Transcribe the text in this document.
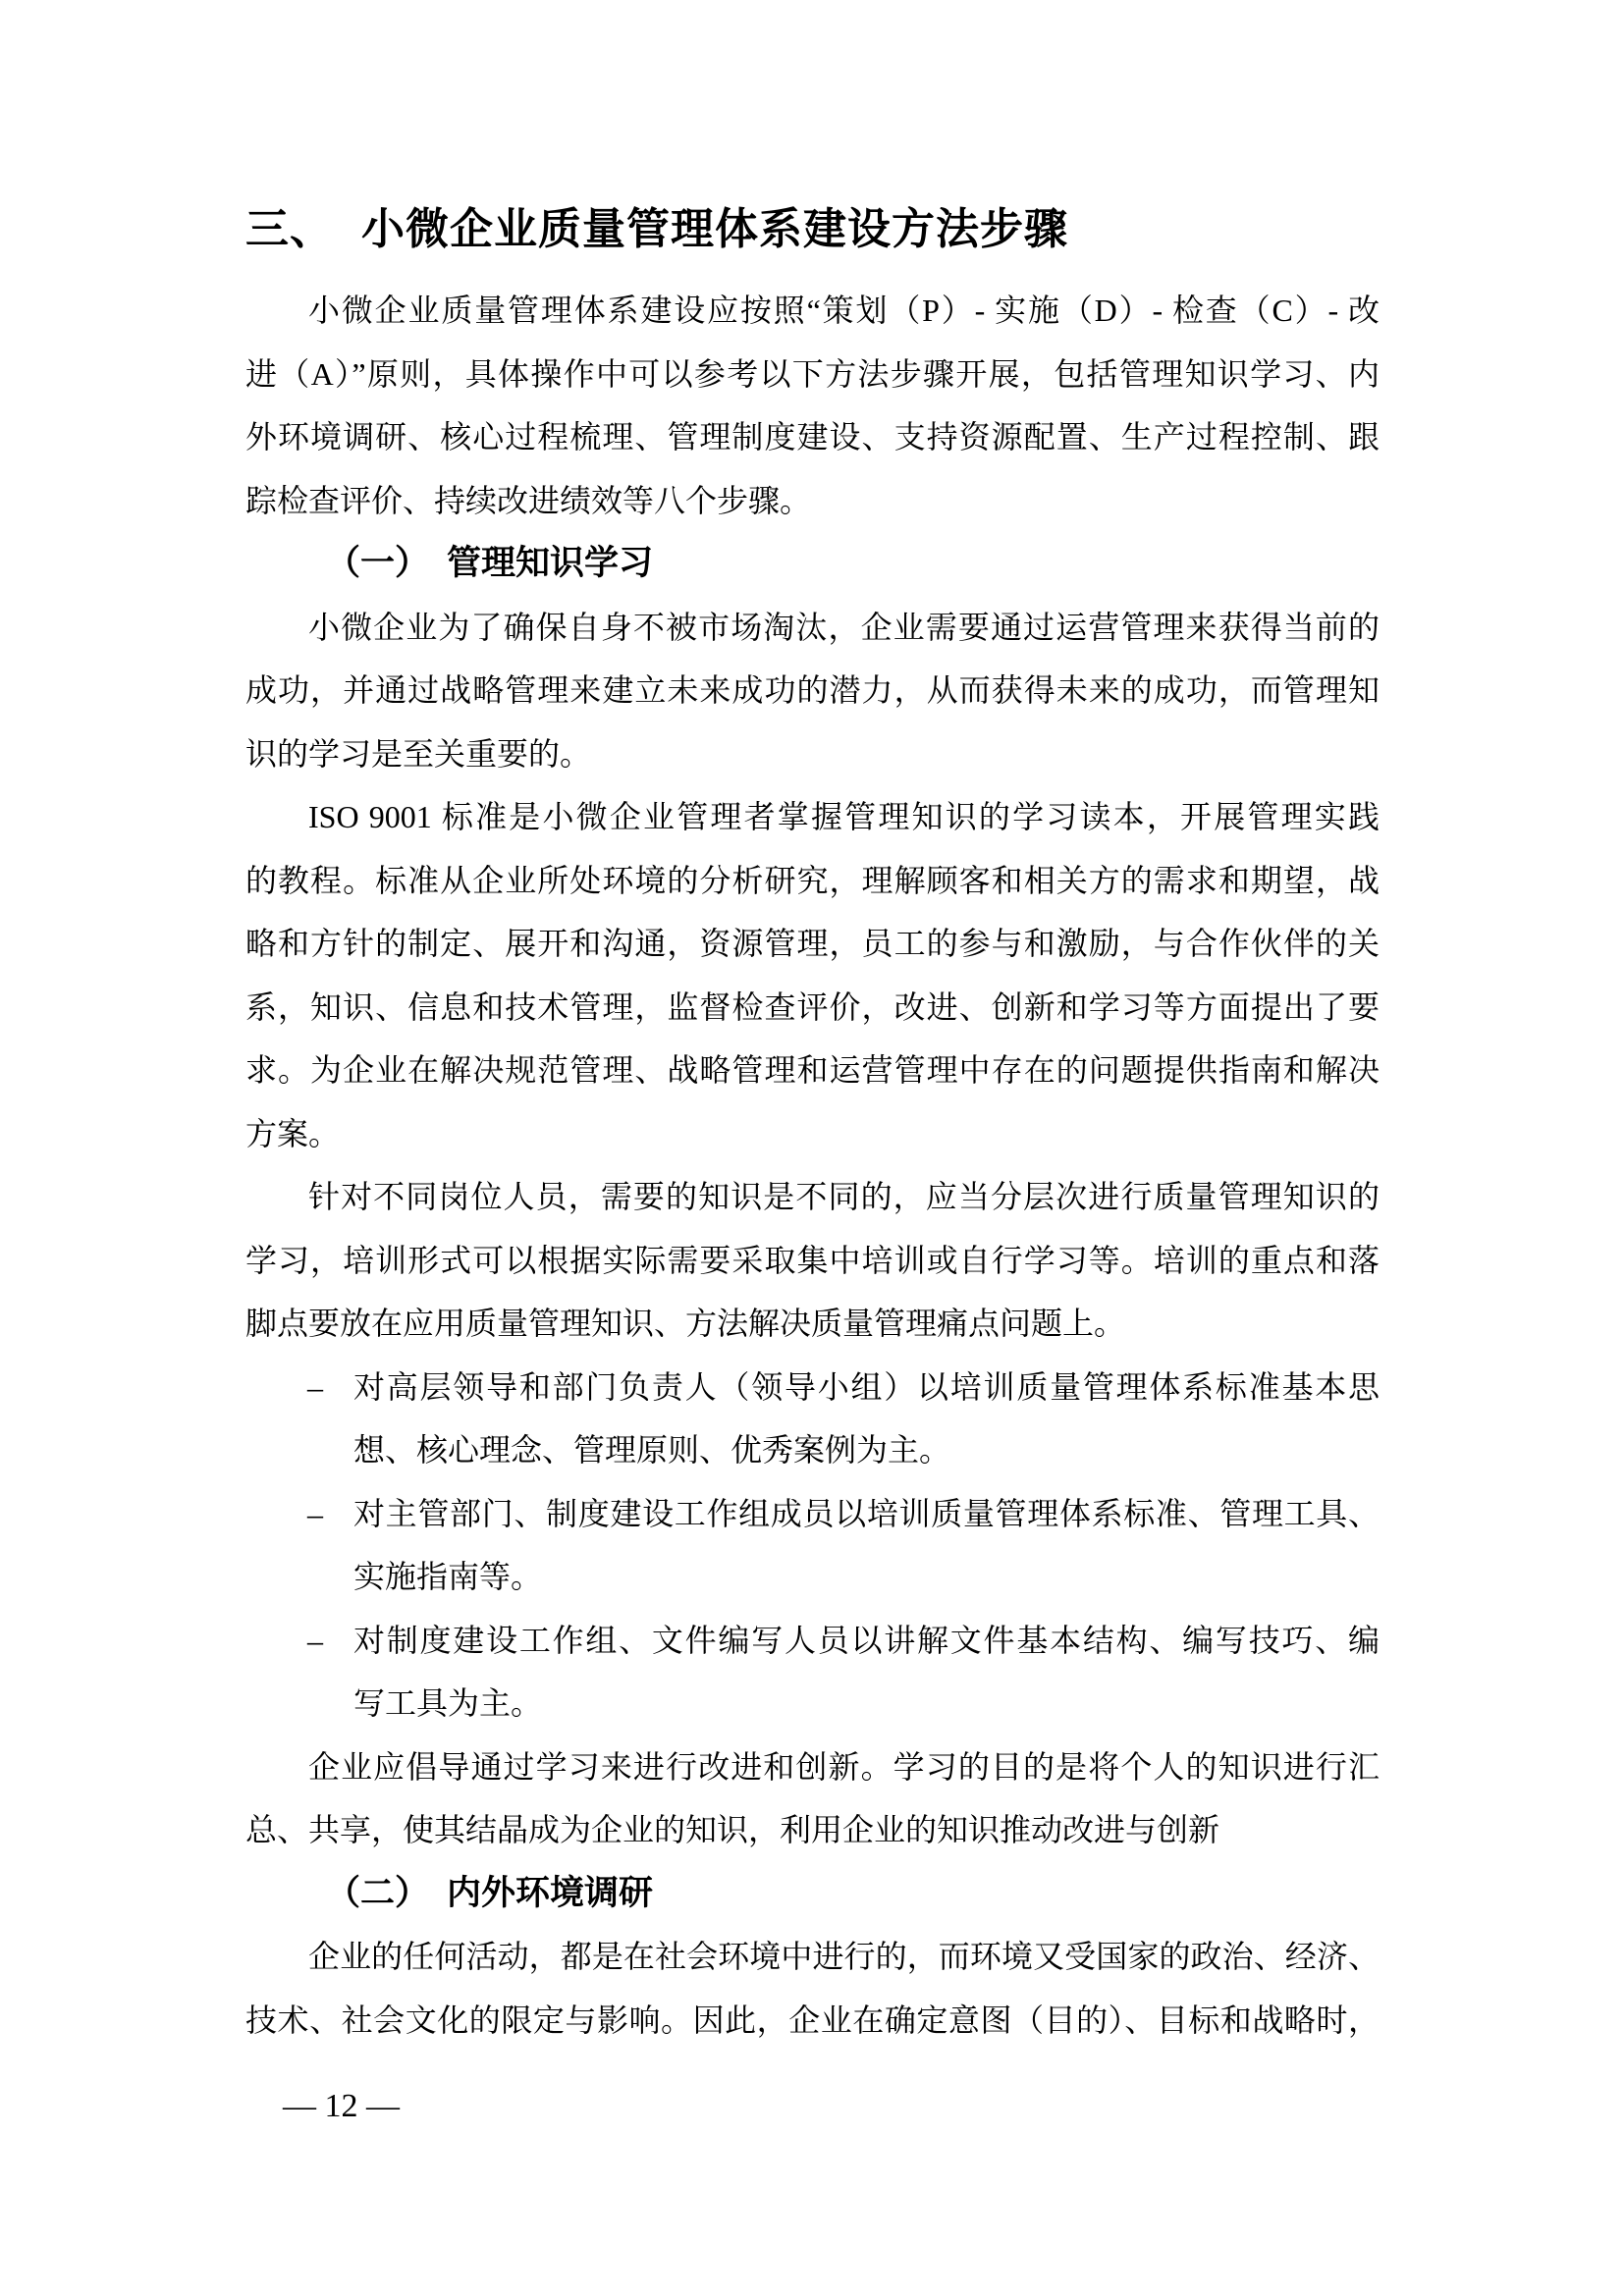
三、 小微企业质量管理体系建设方法步骤
小微企业质量管理体系建设应按照“策划（P）- 实施（D）- 检查（C）- 改
进（A）”原则，具体操作中可以参考以下方法步骤开展，包括管理知识学习、内
外环境调研、核心过程梳理、管理制度建设、支持资源配置、生产过程控制、跟
踪检查评价、持续改进绩效等八个步骤。
（一） 管理知识学习
小微企业为了确保自身不被市场淘汰，企业需要通过运营管理来获得当前的
成功，并通过战略管理来建立未来成功的潜力，从而获得未来的成功，而管理知
识的学习是至关重要的。
ISO 9001 标准是小微企业管理者掌握管理知识的学习读本，开展管理实践
的教程。标准从企业所处环境的分析研究，理解顾客和相关方的需求和期望，战
略和方针的制定、展开和沟通，资源管理，员工的参与和激励，与合作伙伴的关
系，知识、信息和技术管理，监督检查评价，改进、创新和学习等方面提出了要
求。为企业在解决规范管理、战略管理和运营管理中存在的问题提供指南和解决
方案。
针对不同岗位人员，需要的知识是不同的，应当分层次进行质量管理知识的
学习，培训形式可以根据实际需要采取集中培训或自行学习等。培训的重点和落
脚点要放在应用质量管理知识、方法解决质量管理痛点问题上。
– 对高层领导和部门负责人（领导小组）以培训质量管理体系标准基本思
想、核心理念、管理原则、优秀案例为主。
– 对主管部门、制度建设工作组成员以培训质量管理体系标准、管理工具、
实施指南等。
– 对制度建设工作组、文件编写人员以讲解文件基本结构、编写技巧、编
写工具为主。
企业应倡导通过学习来进行改进和创新。学习的目的是将个人的知识进行汇
总、共享，使其结晶成为企业的知识，利用企业的知识推动改进与创新
（二） 内外环境调研
企业的任何活动，都是在社会环境中进行的，而环境又受国家的政治、经济、
技术、社会文化的限定与影响。因此，企业在确定意图（目的）、目标和战略时，
— 12 —
